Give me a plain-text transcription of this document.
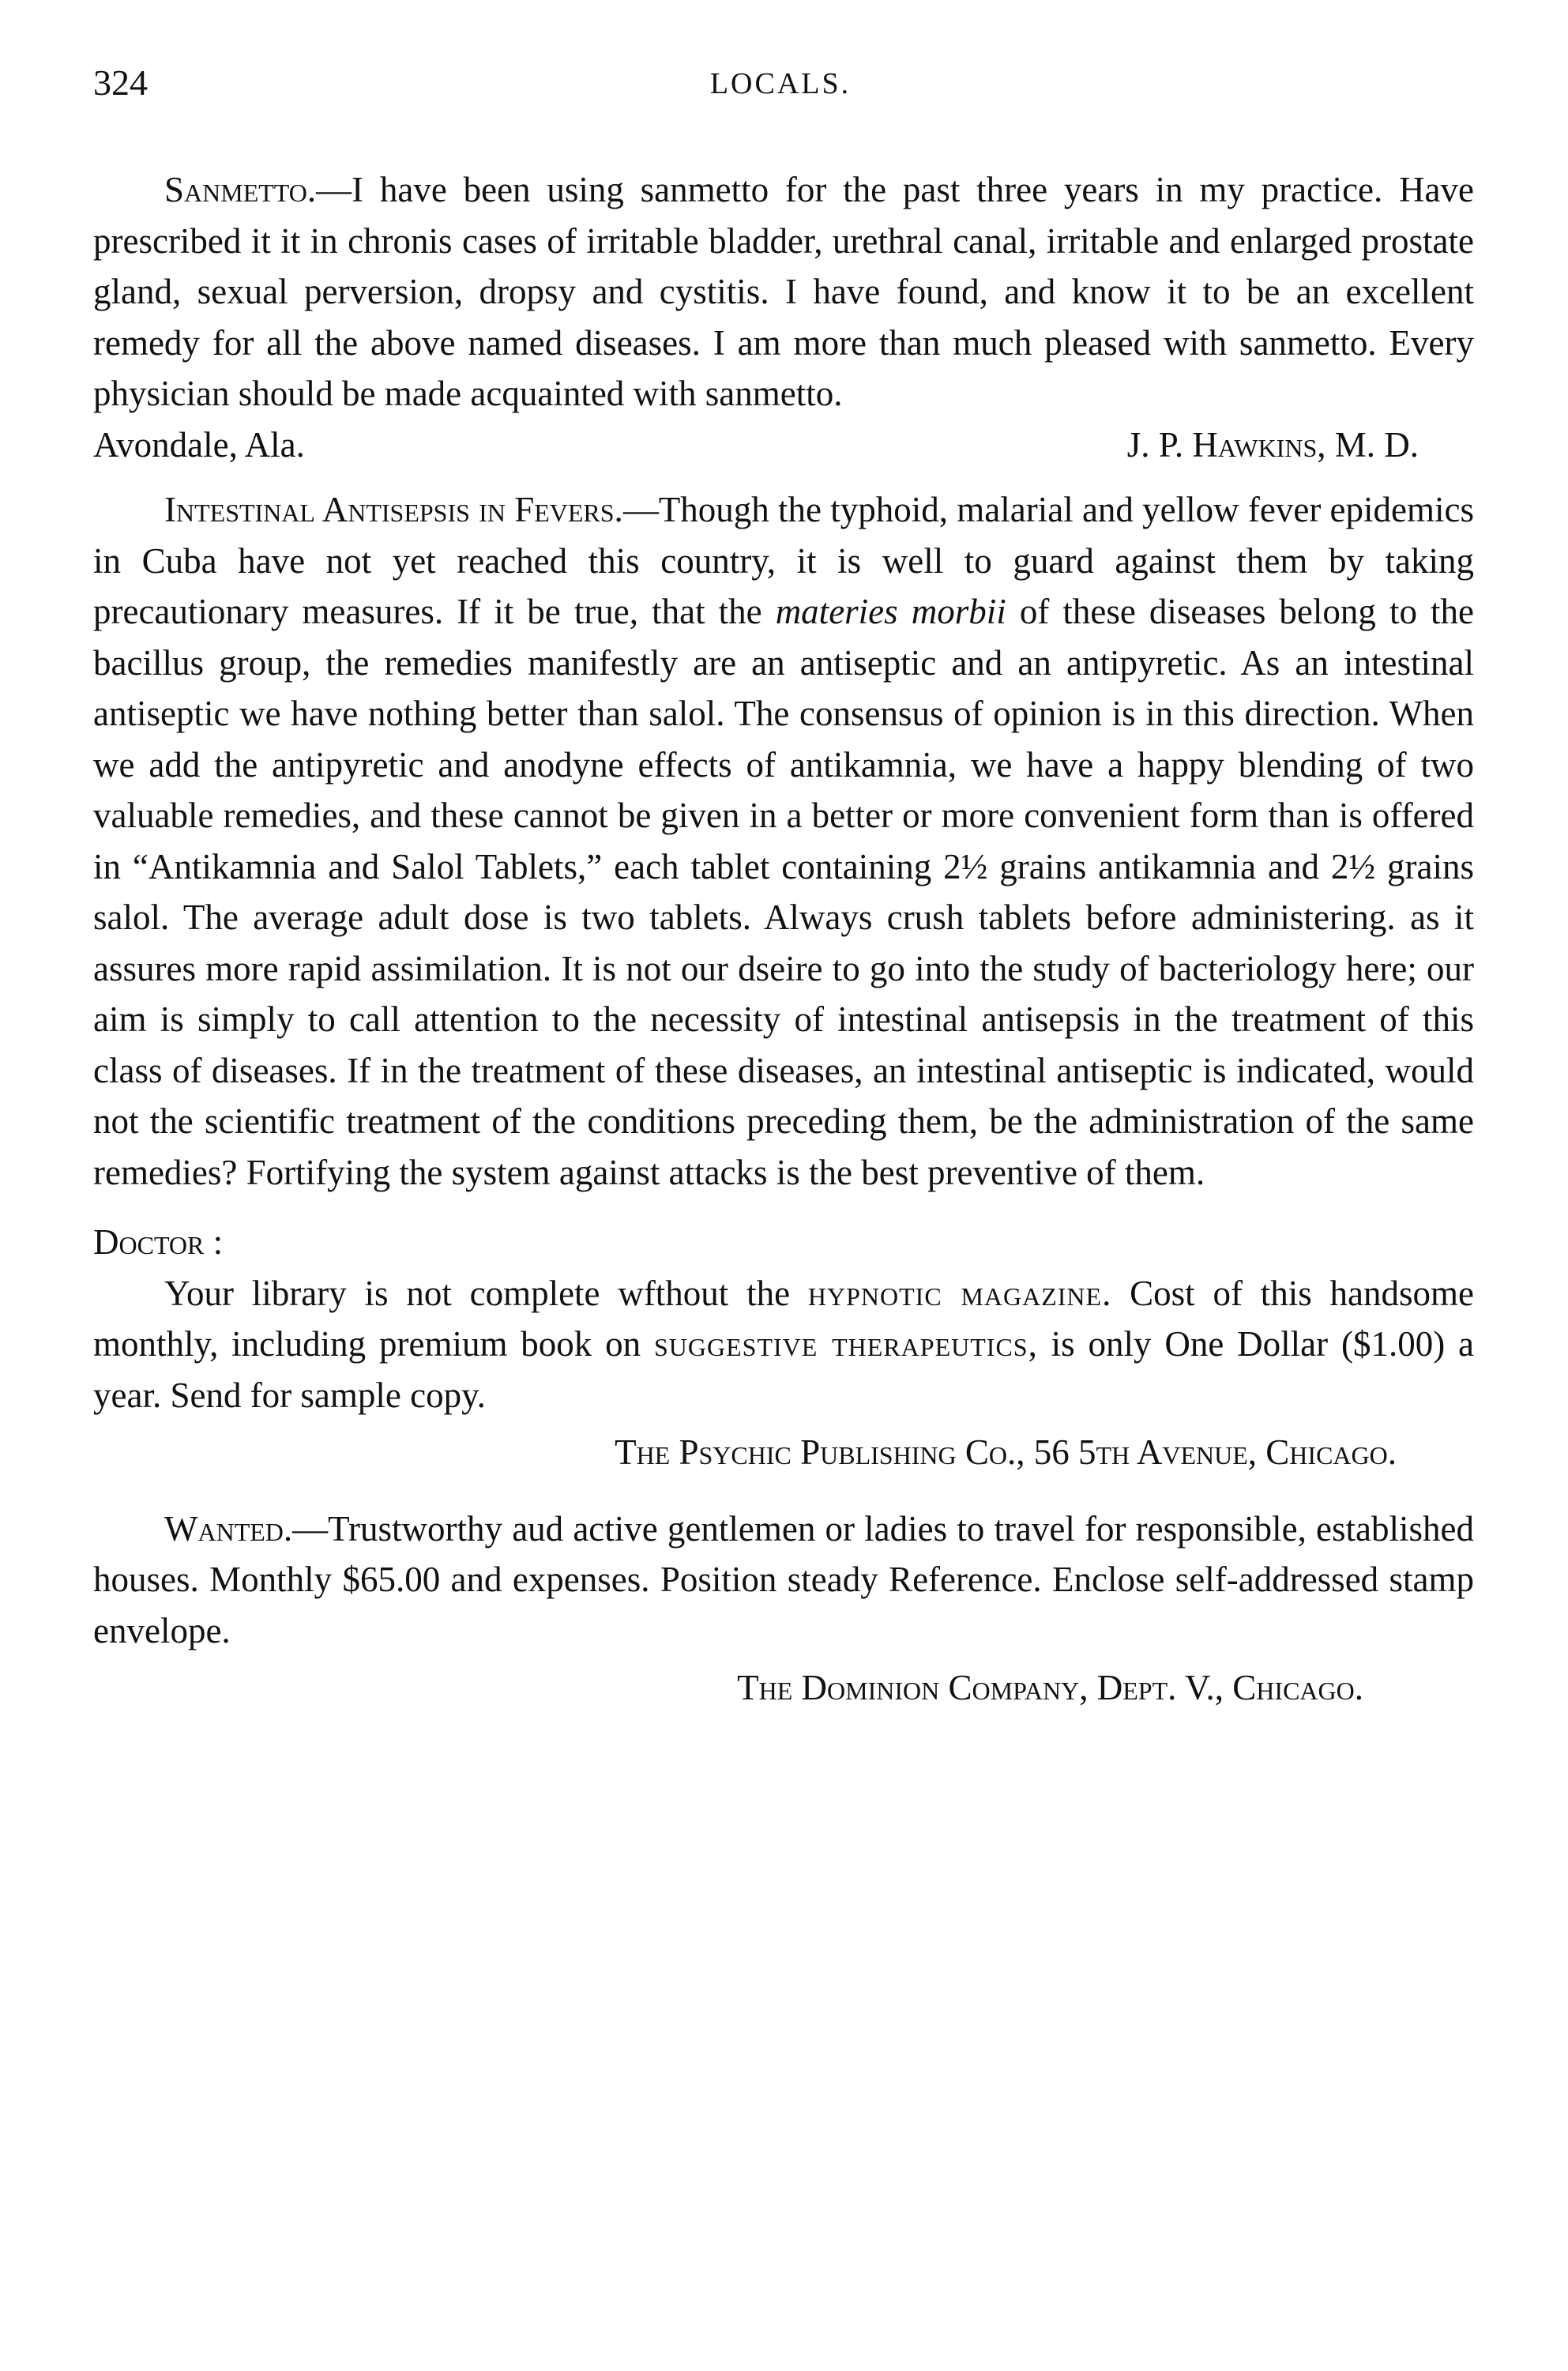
324	LOCALS.

Sanmetto.—I have been using sanmetto for the past three years in my practice. Have prescribed it it in chronis cases of irritable bladder, urethral canal, irritable and enlarged prostate gland, sexual perversion, dropsy and cystitis. I have found, and know it to be an excellent remedy for all the above named diseases. I am more than much pleased with sanmetto. Every physician should be made acquainted with sanmetto.

Avondale, Ala.	J. P. Hawkins, M. D.

Intestinal Antisepsis in Fevers.—Though the typhoid, malarial and yellow fever epidemics in Cuba have not yet reached this country, it is well to guard against them by taking precautionary measures. If it be true, that the materies morbii of these diseases belong to the bacillus group, the remedies manifestly are an antiseptic and an antipyretic. As an intestinal antiseptic we have nothing better than salol. The consensus of opinion is in this direction. When we add the antipyretic and anodyne effects of antikamnia, we have a happy blending of two valuable remedies, and these cannot be given in a better or more convenient form than is offered in “Antikamnia and Salol Tablets,” each tablet containing 2½ grains antikamnia and 2½ grains salol. The average adult dose is two tablets. Always crush tablets before administering. as it assures more rapid assimilation. It is not our dseire to go into the study of bacteriology here; our aim is simply to call attention to the necessity of intestinal antisepsis in the treatment of this class of diseases. If in the treatment of these diseases, an intestinal antiseptic is indicated, would not the scientific treatment of the conditions preceding them, be the administration of the same remedies? Fortifying the system against attacks is the best preventive of them.

Doctor :

Your library is not complete wfthout the hypnotic magazine. Cost of this handsome monthly, including premium book on suggestive therapeutics, is only One Dollar ($1.00) a year. Send for sample copy.

The Psychic Publishing Co., 56 5th Avenue, Chicago.

Wanted.—Trustworthy aud active gentlemen or ladies to travel for responsible, established houses. Monthly $65.00 and expenses. Position steady Reference. Enclose self-addressed stamp envelope.

The Dominion Company, Dept. V., Chicago.
